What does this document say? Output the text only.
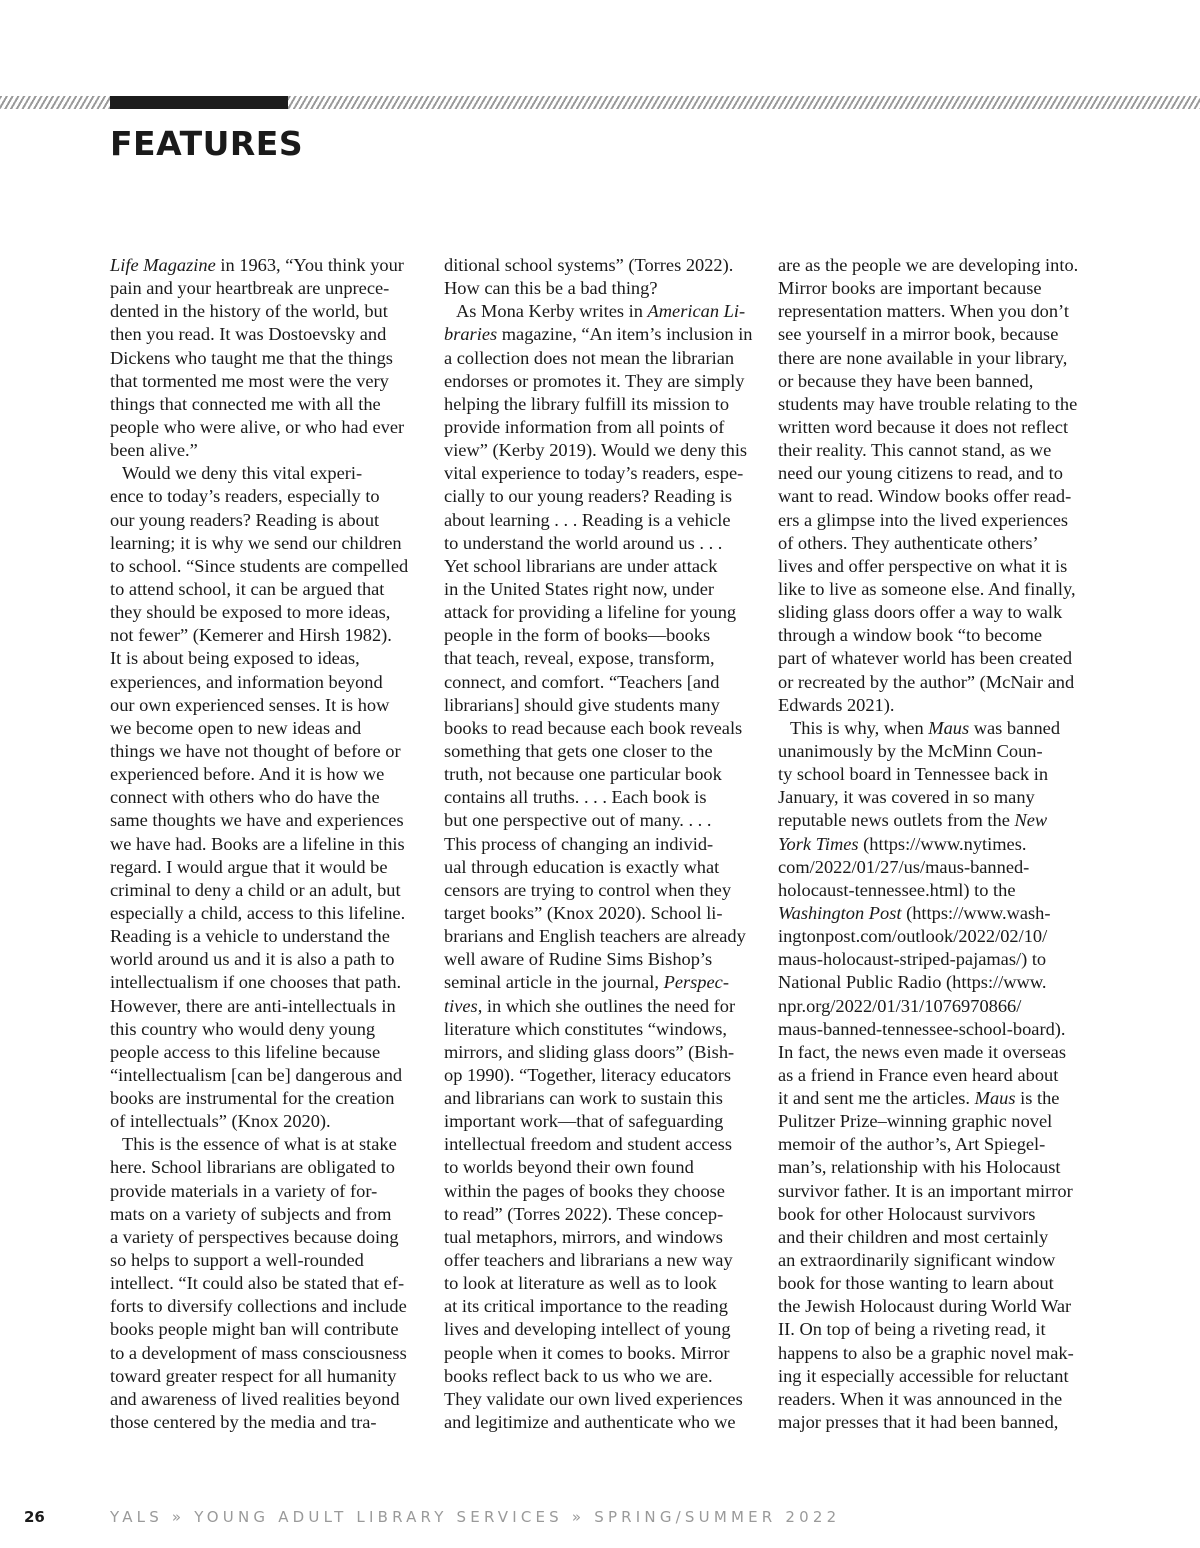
FEATURES
Life Magazine in 1963, “You think your
pain and your heartbreak are unprece-
dented in the history of the world, but
then you read. It was Dostoevsky and
Dickens who taught me that the things
that tormented me most were the very
things that connected me with all the
people who were alive, or who had ever
been alive.”
Would we deny this vital experi-
ence to today’s readers, especially to
our young readers? Reading is about
learning; it is why we send our children
to school. “Since students are compelled
to attend school, it can be argued that
they should be exposed to more ideas,
not fewer” (Kemerer and Hirsh 1982).
It is about being exposed to ideas,
experiences, and information beyond
our own experienced senses. It is how
we become open to new ideas and
things we have not thought of before or
experienced before. And it is how we
connect with others who do have the
same thoughts we have and experiences
we have had. Books are a lifeline in this
regard. I would argue that it would be
criminal to deny a child or an adult, but
especially a child, access to this lifeline.
Reading is a vehicle to understand the
world around us and it is also a path to
intellectualism if one chooses that path.
However, there are anti-intellectuals in
this country who would deny young
people access to this lifeline because
“intellectualism [can be] dangerous and
books are instrumental for the creation
of intellectuals” (Knox 2020).
This is the essence of what is at stake
here. School librarians are obligated to
provide materials in a variety of for-
mats on a variety of subjects and from
a variety of perspectives because doing
so helps to support a well-rounded
intellect. “It could also be stated that ef-
forts to diversify collections and include
books people might ban will contribute
to a development of mass consciousness
toward greater respect for all humanity
and awareness of lived realities beyond
those centered by the media and tra-
ditional school systems” (Torres 2022).
How can this be a bad thing?
As Mona Kerby writes in American Li-
braries magazine, “An item’s inclusion in
a collection does not mean the librarian
endorses or promotes it. They are simply
helping the library fulfill its mission to
provide information from all points of
view” (Kerby 2019). Would we deny this
vital experience to today’s readers, espe-
cially to our young readers? Reading is
about learning . . . Reading is a vehicle
to understand the world around us . . .
Yet school librarians are under attack
in the United States right now, under
attack for providing a lifeline for young
people in the form of books—books
that teach, reveal, expose, transform,
connect, and comfort. “Teachers [and
librarians] should give students many
books to read because each book reveals
something that gets one closer to the
truth, not because one particular book
contains all truths. . . . Each book is
but one perspective out of many. . . .
This process of changing an individ-
ual through education is exactly what
censors are trying to control when they
target books” (Knox 2020). School li-
brarians and English teachers are already
well aware of Rudine Sims Bishop’s
seminal article in the journal, Perspec-
tives, in which she outlines the need for
literature which constitutes “windows,
mirrors, and sliding glass doors” (Bish-
op 1990). “Together, literacy educators
and librarians can work to sustain this
important work—that of safeguarding
intellectual freedom and student access
to worlds beyond their own found
within the pages of books they choose
to read” (Torres 2022). These concep-
tual metaphors, mirrors, and windows
offer teachers and librarians a new way
to look at literature as well as to look
at its critical importance to the reading
lives and developing intellect of young
people when it comes to books. Mirror
books reflect back to us who we are.
They validate our own lived experiences
and legitimize and authenticate who we
are as the people we are developing into.
Mirror books are important because
representation matters. When you don’t
see yourself in a mirror book, because
there are none available in your library,
or because they have been banned,
students may have trouble relating to the
written word because it does not reflect
their reality. This cannot stand, as we
need our young citizens to read, and to
want to read. Window books offer read-
ers a glimpse into the lived experiences
of others. They authenticate others’
lives and offer perspective on what it is
like to live as someone else. And finally,
sliding glass doors offer a way to walk
through a window book “to become
part of whatever world has been created
or recreated by the author” (McNair and
Edwards 2021).
This is why, when Maus was banned
unanimously by the McMinn Coun-
ty school board in Tennessee back in
January, it was covered in so many
reputable news outlets from the New
York Times (https://www.nytimes.
com/2022/01/27/us/maus-banned-
holocaust-tennessee.html) to the
Washington Post (https://www.wash-
ingtonpost.com/outlook/2022/02/10/
maus-holocaust-striped-pajamas/) to
National Public Radio (https://www.
npr.org/2022/01/31/1076970866/
maus-banned-tennessee-school-board).
In fact, the news even made it overseas
as a friend in France even heard about
it and sent me the articles. Maus is the
Pulitzer Prize–winning graphic novel
memoir of the author’s, Art Spiegel-
man’s, relationship with his Holocaust
survivor father. It is an important mirror
book for other Holocaust survivors
and their children and most certainly
an extraordinarily significant window
book for those wanting to learn about
the Jewish Holocaust during World War
II. On top of being a riveting read, it
happens to also be a graphic novel mak-
ing it especially accessible for reluctant
readers. When it was announced in the
major presses that it had been banned,
26	YALS » YOUNG ADULT LIBRARY SERVICES » SPRING/SUMMER 2022
